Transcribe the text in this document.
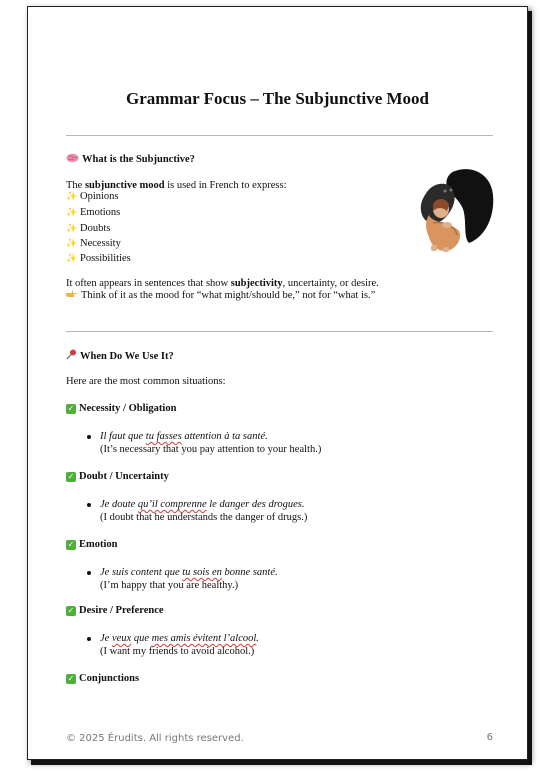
Grammar Focus – The Subjunctive Mood
What is the Subjunctive?
The subjunctive mood is used in French to express:
✨ Opinions
✨ Emotions
✨ Doubts
✨ Necessity
✨ Possibilities
It often appears in sentences that show subjectivity, uncertainty, or desire.
Think of it as the mood for “what might/should be,” not for “what is.”
When Do We Use It?
Here are the most common situations:
✓ Necessity / Obligation
Il faut que tu fasses attention à ta santé.
(It’s necessary that you pay attention to your health.)
✓ Doubt / Uncertainty
Je doute qu’il comprenne le danger des drogues.
(I doubt that he understands the danger of drugs.)
✓ Emotion
Je suis content que tu sois en bonne santé.
(I’m happy that you are healthy.)
✓ Desire / Preference
Je veux que mes amis évitent l’alcool.
(I want my friends to avoid alcohol.)
✓ Conjunctions
© 2025 Érudits. All rights reserved.	6
